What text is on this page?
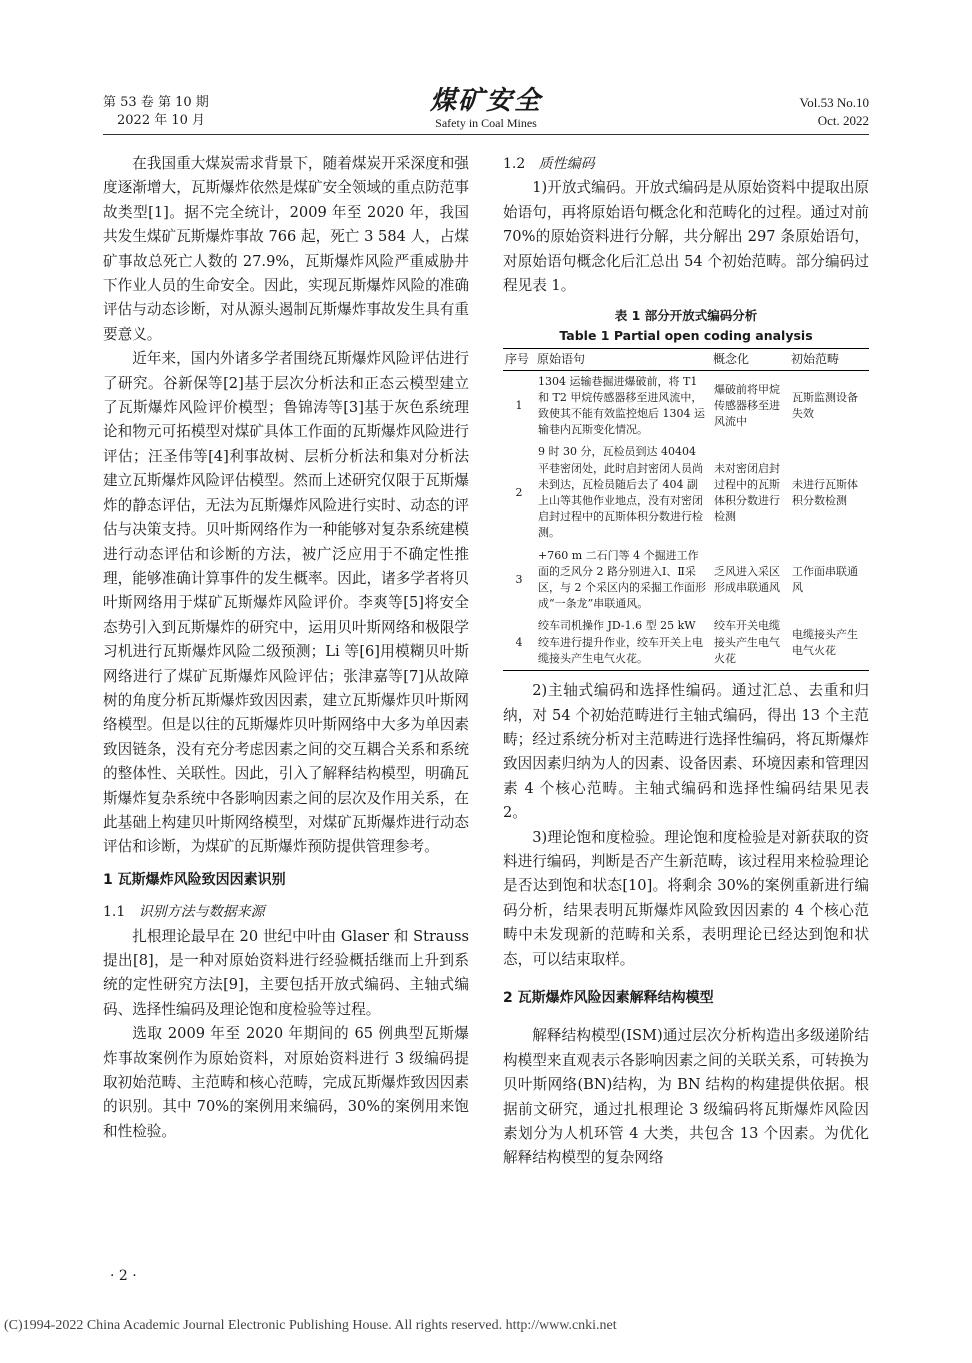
第 53 卷 第 10 期
2022 年 10 月
煤矿安全
Safety in Coal Mines
Vol.53 No.10
Oct. 2022

在我国重大煤炭需求背景下，随着煤炭开采深度和强度逐渐增大，瓦斯爆炸依然是煤矿安全领域的重点防范事故类型[1]。据不完全统计，2009 年至 2020 年，我国共发生煤矿瓦斯爆炸事故 766 起，死亡 3 584 人，占煤矿事故总死亡人数的 27.9%，瓦斯爆炸风险严重威胁井下作业人员的生命安全。因此，实现瓦斯爆炸风险的准确评估与动态诊断，对从源头遏制瓦斯爆炸事故发生具有重要意义。

近年来，国内外诸多学者围绕瓦斯爆炸风险评估进行了研究。谷新保等[2]基于层次分析法和正态云模型建立了瓦斯爆炸风险评价模型；鲁锦涛等[3]基于灰色系统理论和物元可拓模型对煤矿具体工作面的瓦斯爆炸风险进行评估；汪圣伟等[4]利事故树、层析分析法和集对分析法建立瓦斯爆炸风险评估模型。然而上述研究仅限于瓦斯爆炸的静态评估，无法为瓦斯爆炸风险进行实时、动态的评估与决策支持。贝叶斯网络作为一种能够对复杂系统建模进行动态评估和诊断的方法，被广泛应用于不确定性推理，能够准确计算事件的发生概率。因此，诸多学者将贝叶斯网络用于煤矿瓦斯爆炸风险评价。李爽等[5]将安全态势引入到瓦斯爆炸的研究中，运用贝叶斯网络和极限学习机进行瓦斯爆炸风险二级预测；Li 等[6]用模糊贝叶斯网络进行了煤矿瓦斯爆炸风险评估；张津嘉等[7]从故障树的角度分析瓦斯爆炸致因因素，建立瓦斯爆炸贝叶斯网络模型。但是以往的瓦斯爆炸贝叶斯网络中大多为单因素致因链条，没有充分考虑因素之间的交互耦合关系和系统的整体性、关联性。因此，引入了解释结构模型，明确瓦斯爆炸复杂系统中各影响因素之间的层次及作用关系，在此基础上构建贝叶斯网络模型，对煤矿瓦斯爆炸进行动态评估和诊断，为煤矿的瓦斯爆炸预防提供管理参考。

1 瓦斯爆炸风险致因因素识别

1.1 识别方法与数据来源

扎根理论最早在 20 世纪中叶由 Glaser 和 Strauss 提出[8]，是一种对原始资料进行经验概括继而上升到系统的定性研究方法[9]，主要包括开放式编码、主轴式编码、选择性编码及理论饱和度检验等过程。

选取 2009 年至 2020 年期间的 65 例典型瓦斯爆炸事故案例作为原始资料，对原始资料进行 3 级编码提取初始范畴、主范畴和核心范畴，完成瓦斯爆炸致因因素的识别。其中 70%的案例用来编码，30%的案例用来饱和性检验。

1.2 质性编码

1)开放式编码。开放式编码是从原始资料中提取出原始语句，再将原始语句概念化和范畴化的过程。通过对前 70%的原始资料进行分解，共分解出 297 条原始语句，对原始语句概念化后汇总出 54 个初始范畴。部分编码过程见表 1。

表 1 部分开放式编码分析
Table 1 Partial open coding analysis
序号	原始语句	概念化	初始范畴
1	1304 运输巷掘进爆破前，将 T1 和 T2 甲烷传感器移至进风流中，致使其不能有效监控炮后 1304 运输巷内瓦斯变化情况。	爆破前将甲烷传感器移至进风流中	瓦斯监测设备失效
2	9 时 30 分，瓦检员到达 40404 平巷密闭处，此时启封密闭人员尚未到达，瓦检员随后去了 404 副上山等其他作业地点，没有对密闭启封过程中的瓦斯体积分数进行检测。	未对密闭启封过程中的瓦斯体积分数进行检测	未进行瓦斯体积分数检测
3	+760 m 二石门等 4 个掘进工作面的乏风分 2 路分别进入Ⅰ、Ⅱ采区，与 2 个采区内的采掘工作面形成“一条龙”串联通风。	乏风进入采区形成串联通风	工作面串联通风
4	绞车司机操作 JD-1.6 型 25 kW 绞车进行提升作业，绞车开关上电缆接头产生电气火花。	绞车开关电缆接头产生电气火花	电缆接头产生电气火花

2)主轴式编码和选择性编码。通过汇总、去重和归纳，对 54 个初始范畴进行主轴式编码，得出 13 个主范畴；经过系统分析对主范畴进行选择性编码，将瓦斯爆炸致因因素归纳为人的因素、设备因素、环境因素和管理因素 4 个核心范畴。主轴式编码和选择性编码结果见表 2。

3)理论饱和度检验。理论饱和度检验是对新获取的资料进行编码，判断是否产生新范畴，该过程用来检验理论是否达到饱和状态[10]。将剩余 30%的案例重新进行编码分析，结果表明瓦斯爆炸风险致因因素的 4 个核心范畴中未发现新的范畴和关系，表明理论已经达到饱和状态，可以结束取样。

2 瓦斯爆炸风险因素解释结构模型

解释结构模型(ISM)通过层次分析构造出多级递阶结构模型来直观表示各影响因素之间的关联关系，可转换为贝叶斯网络(BN)结构，为 BN 结构的构建提供依据。根据前文研究，通过扎根理论 3 级编码将瓦斯爆炸风险因素划分为人机环管 4 大类，共包含 13 个因素。为优化解释结构模型的复杂网络

· 2 ·
(C)1994-2022 China Academic Journal Electronic Publishing House. All rights reserved. http://www.cnki.net
